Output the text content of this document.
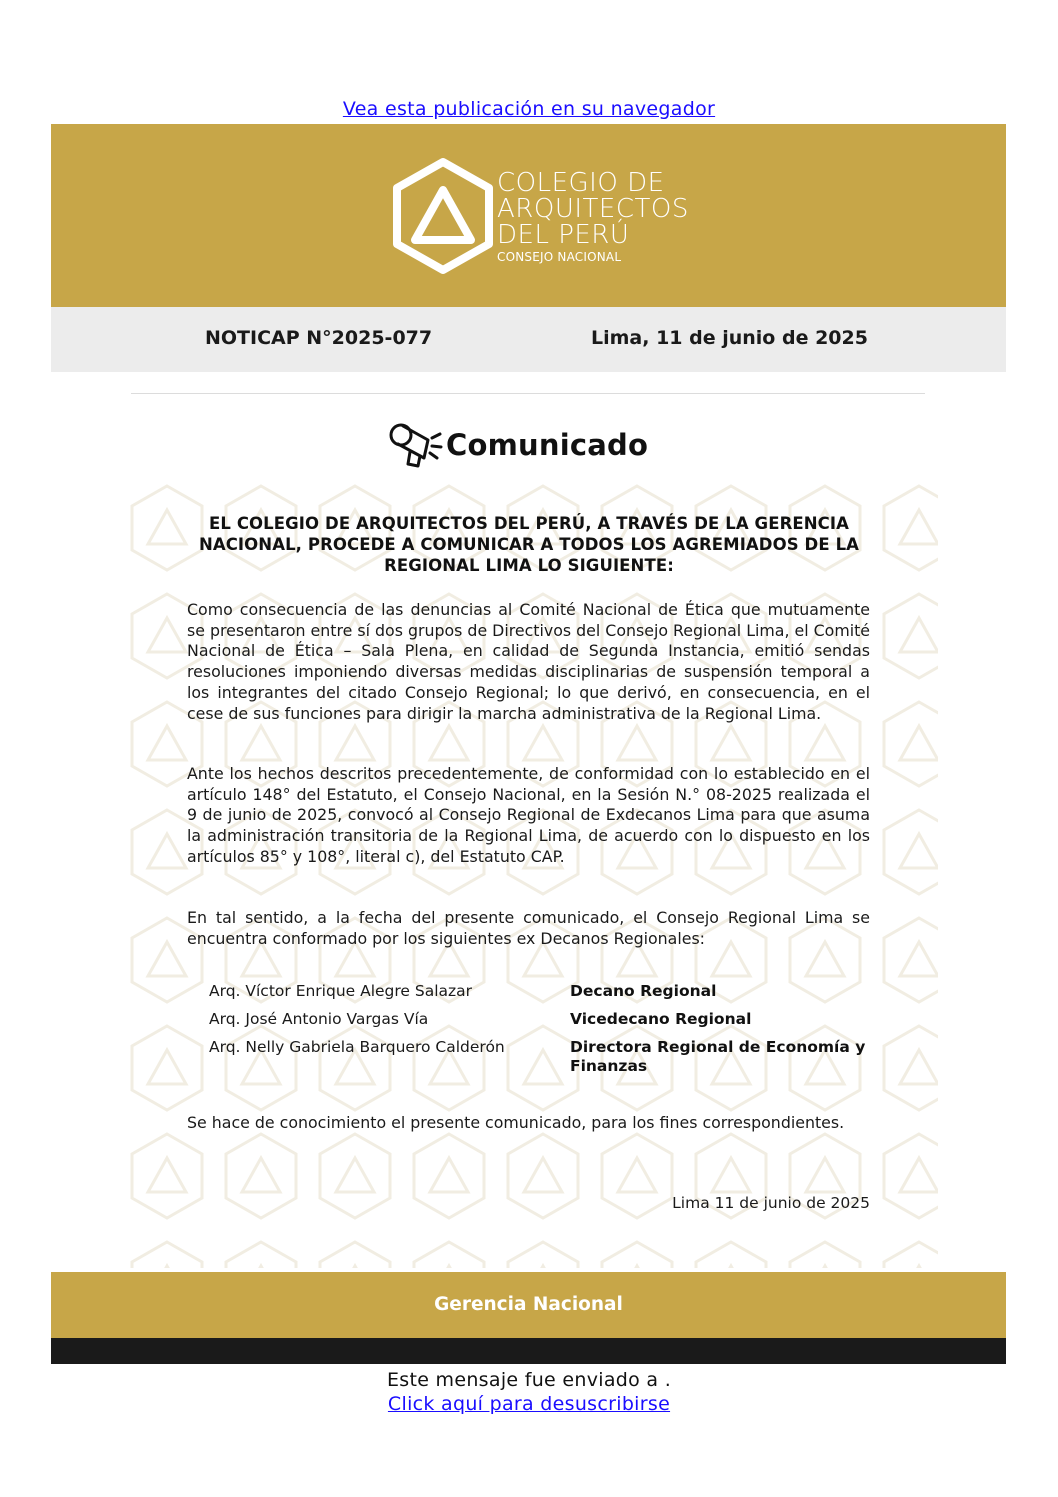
Vea esta publicación en su navegador
COLEGIO DE
ARQUITECTOS
DEL PERÚ
CONSEJO NACIONAL
NOTICAP N°2025-077	Lima, 11 de junio de 2025
Comunicado
EL COLEGIO DE ARQUITECTOS DEL PERÚ, A TRAVÉS DE LA GERENCIA NACIONAL, PROCEDE A COMUNICAR A TODOS LOS AGREMIADOS DE LA REGIONAL LIMA LO SIGUIENTE:
Como consecuencia de las denuncias al Comité Nacional de Ética que mutuamente se presentaron entre sí dos grupos de Directivos del Consejo Regional Lima, el Comité Nacional de Ética – Sala Plena, en calidad de Segunda Instancia, emitió sendas resoluciones imponiendo diversas medidas disciplinarias de suspensión temporal a los integrantes del citado Consejo Regional; lo que derivó, en consecuencia, en el cese de sus funciones para dirigir la marcha administrativa de la Regional Lima.
Ante los hechos descritos precedentemente, de conformidad con lo establecido en el artículo 148° del Estatuto, el Consejo Nacional, en la Sesión N.° 08-2025 realizada el 9 de junio de 2025, convocó al Consejo Regional de Exdecanos Lima para que asuma la administración transitoria de la Regional Lima, de acuerdo con lo dispuesto en los artículos 85° y 108°, literal c), del Estatuto CAP.
En tal sentido, a la fecha del presente comunicado, el Consejo Regional Lima se encuentra conformado por los siguientes ex Decanos Regionales:
Arq. Víctor Enrique Alegre Salazar	Decano Regional
Arq. José Antonio Vargas Vía	Vicedecano Regional
Arq. Nelly Gabriela Barquero Calderón	Directora Regional de Economía y Finanzas
Se hace de conocimiento el presente comunicado, para los fines correspondientes.
Lima 11 de junio de 2025
Gerencia Nacional
Este mensaje fue enviado a .
Click aquí para desuscribirse
